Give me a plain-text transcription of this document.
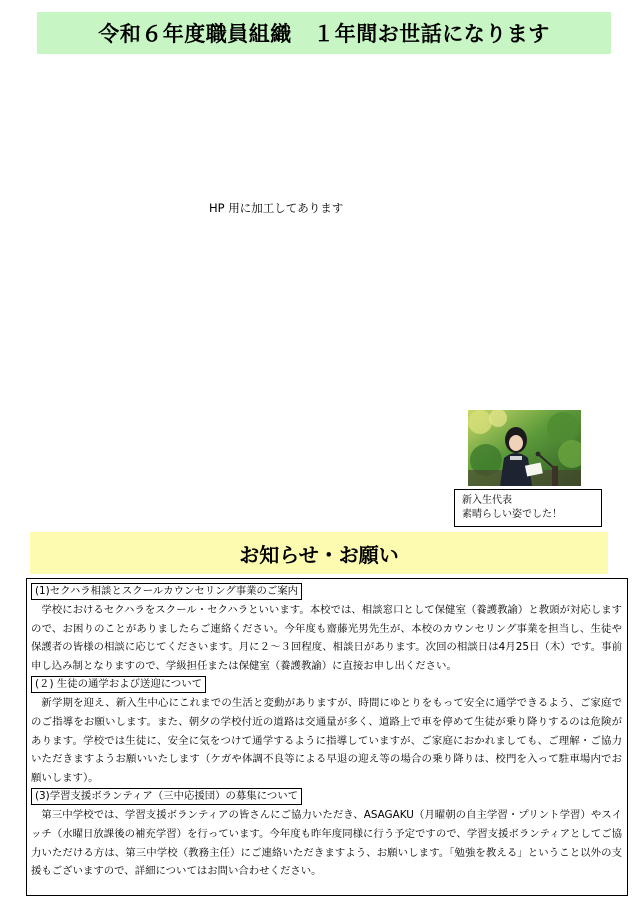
令和６年度職員組織　１年間お世話になります
HP 用に加工してあります
新入生代表
素晴らしい姿でした！
お知らせ・お願い
(1)セクハラ相談とスクールカウンセリング事業のご案内

学校におけるセクハラをスクール・セクハラといいます。本校では、相談窓口として保健室（養護教諭）と教頭が対応しますので、お困りのことがありましたらご連絡ください。今年度も齋藤光男先生が、本校のカウンセリング事業を担当し、生徒や保護者の皆様の相談に応じてくださいます。月に２～３回程度、相談日があります。次回の相談日は4月25日（木）です。事前申し込み制となりますので、学級担任または保健室（養護教諭）に直接お申し出ください。

(２) 生徒の通学および送迎について

新学期を迎え、新入生中心にこれまでの生活と変動がありますが、時間にゆとりをもって安全に通学できるよう、ご家庭でのご指導をお願いします。また、朝夕の学校付近の道路は交通量が多く、道路上で車を停めて生徒が乗り降りするのは危険があります。学校では生徒に、安全に気をつけて通学するように指導していますが、ご家庭におかれましても、ご理解・ご協力いただきますようお願いいたします（ケガや体調不良等による早退の迎え等の場合の乗り降りは、校門を入って駐車場内でお願いします）。

(3)学習支援ボランティア（三中応援団）の募集について

第三中学校では、学習支援ボランティアの皆さんにご協力いただき、ASAGAKU（月曜朝の自主学習・プリント学習）やスイッチ（水曜日放課後の補充学習）を行っています。今年度も昨年度同様に行う予定ですので、学習支援ボランティアとしてご協力いただける方は、第三中学校（教務主任）にご連絡いただきますよう、お願いします。「勉強を教える」ということ以外の支援もございますので、詳細についてはお問い合わせください。
